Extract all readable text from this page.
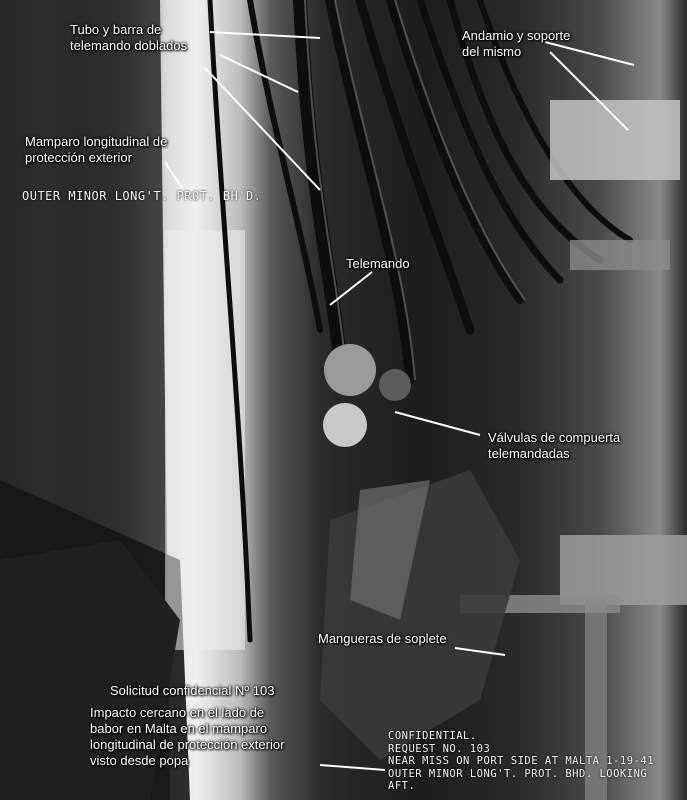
Tubo y barra de
telemando doblados
Andamio y soporte
del mismo
Mamparo longitudinal de
protección exterior
OUTER MINOR LONG'T. PROT. BH'D.
Telemando
Válvulas de compuerta
telemandadas
Mangueras de soplete
Solicitud confidencial Nº 103
Impacto cercano en el lado de
babor en Malta en el mamparo
longitudinal de protección exterior
visto desde popa
CONFIDENTIAL.
REQUEST NO. 103
NEAR MISS ON PORT SIDE AT MALTA 1-19-41
OUTER MINOR LONG'T. PROT. BHD. LOOKING
AFT.
